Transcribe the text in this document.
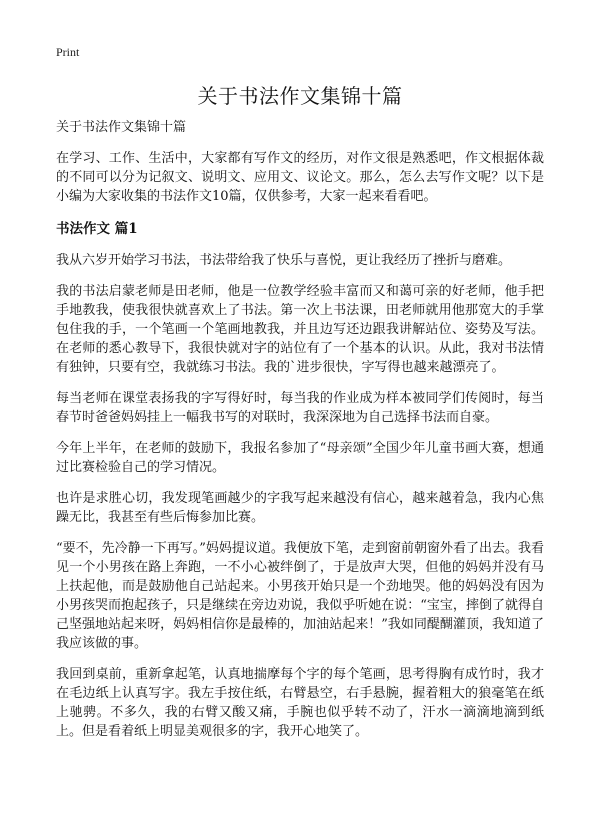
Print
关于书法作文集锦十篇

关于书法作文集锦十篇

在学习、工作、生活中，大家都有写作文的经历，对作文很是熟悉吧，作文根据体裁的不同可以分为记叙文、说明文、应用文、议论文。那么，怎么去写作文呢？以下是小编为大家收集的书法作文10篇，仅供参考，大家一起来看看吧。

书法作文 篇1

我从六岁开始学习书法，书法带给我了快乐与喜悦，更让我经历了挫折与磨难。

我的书法启蒙老师是田老师，他是一位教学经验丰富而又和蔼可亲的好老师，他手把手地教我，使我很快就喜欢上了书法。第一次上书法课，田老师就用他那宽大的手掌包住我的手，一个笔画一个笔画地教我，并且边写还边跟我讲解站位、姿势及写法。在老师的悉心教导下，我很快就对字的站位有了一个基本的认识。从此，我对书法情有独钟，只要有空，我就练习书法。我的`进步很快，字写得也越来越漂亮了。

每当老师在课堂表扬我的字写得好时，每当我的作业成为样本被同学们传阅时，每当春节时爸爸妈妈挂上一幅我书写的对联时，我深深地为自己选择书法而自豪。

今年上半年，在老师的鼓励下，我报名参加了“母亲颂”全国少年儿童书画大赛，想通过比赛检验自己的学习情况。

也许是求胜心切，我发现笔画越少的字我写起来越没有信心，越来越着急，我内心焦躁无比，我甚至有些后悔参加比赛。

“要不，先冷静一下再写。”妈妈提议道。我便放下笔，走到窗前朝窗外看了出去。我看见一个小男孩在路上奔跑，一不小心被绊倒了，于是放声大哭，但他的妈妈并没有马上扶起他，而是鼓励他自己站起来。小男孩开始只是一个劲地哭。他的妈妈没有因为小男孩哭而抱起孩子，只是继续在旁边劝说，我似乎听她在说：“宝宝，摔倒了就得自己坚强地站起来呀，妈妈相信你是最棒的，加油站起来！”我如同醍醐灌顶，我知道了我应该做的事。

我回到桌前，重新拿起笔，认真地揣摩每个字的每个笔画，思考得胸有成竹时，我才在毛边纸上认真写字。我左手按住纸，右臂悬空，右手悬腕，握着粗大的狼毫笔在纸上驰骋。不多久，我的右臂又酸又痛，手腕也似乎转不动了，汗水一滴滴地滴到纸上。但是看着纸上明显美观很多的字，我开心地笑了。
